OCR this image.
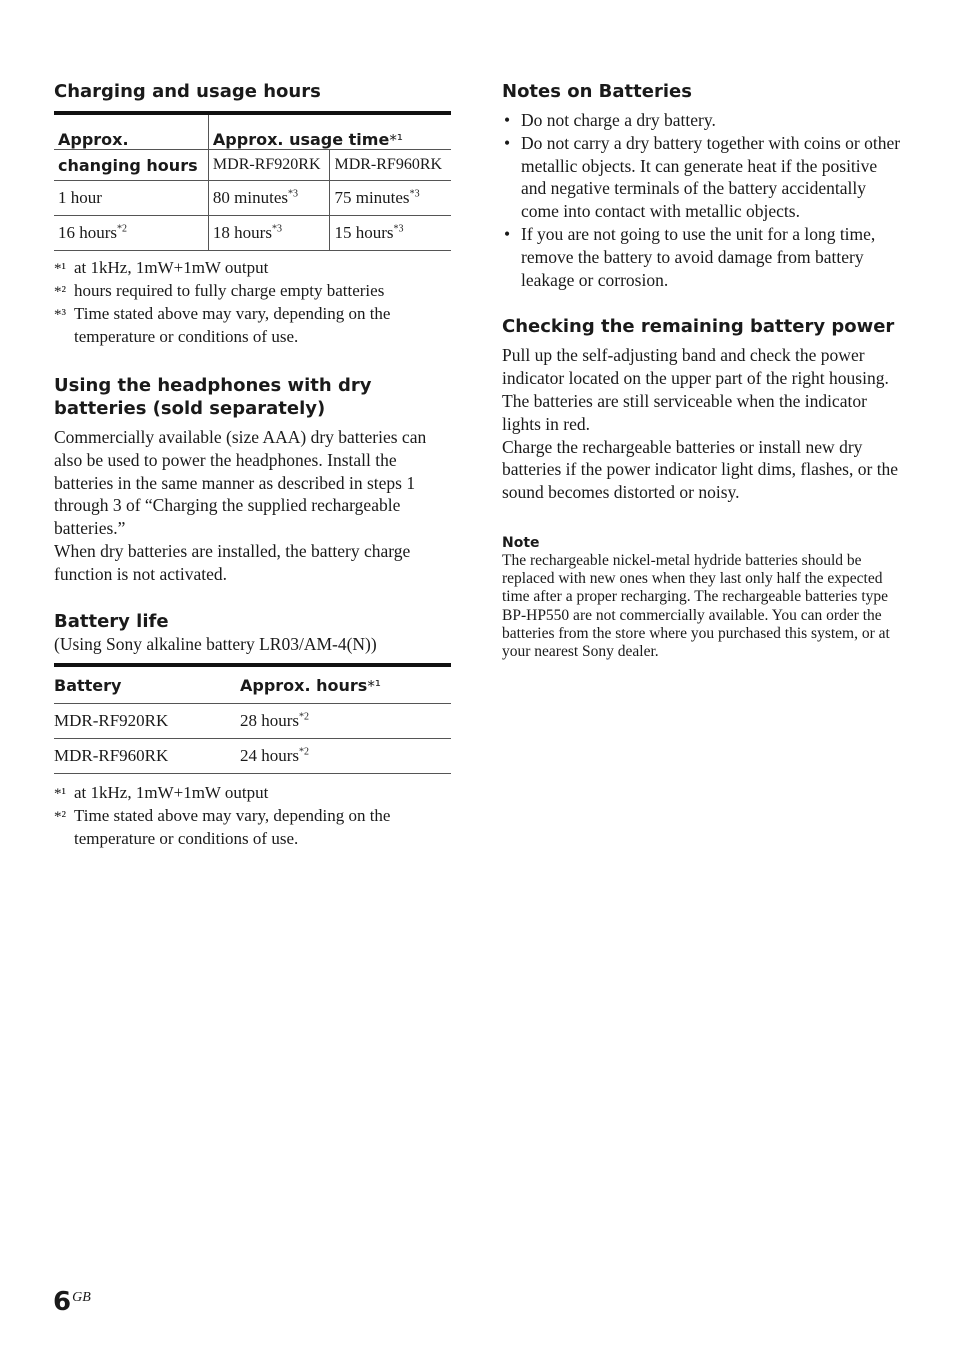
Charging and usage hours
Approx.	Approx. usage time*¹	
changing hours	MDR-RF920RK	MDR-RF960RK
1 hour	80 minutes$^{*3}$	75 minutes$^{*3}$
16 hours$^{*2}$	18 hours$^{*3}$	15 hours$^{*3}$

*¹ at 1kHz, 1mW+1mW output

*² hours required to fully charge empty batteries

*³ Time stated above may vary, depending on the temperature or conditions of use.

Using the headphones with dry batteries (sold separately)

Commercially available (size AAA) dry batteries can also be used to power the headphones. Install the batteries in the same manner as described in steps 1 through 3 of “Charging the supplied rechargeable batteries.”

When dry batteries are installed, the battery charge function is not activated.

Battery life

(Using Sony alkaline battery LR03/AM-4(N))

Battery	Approx. hours*¹
MDR-RF920RK	28 hours$^{*2}$
MDR-RF960RK	24 hours$^{*2}$

*¹ at 1kHz, 1mW+1mW output

*² Time stated above may vary, depending on the temperature or conditions of use.

Notes on Batteries
• Do not charge a dry battery.
• Do not carry a dry battery together with coins or other metallic objects. It can generate heat if the positive and negative terminals of the battery accidentally come into contact with metallic objects.
• If you are not going to use the unit for a long time, remove the battery to avoid damage from battery leakage or corrosion.
Checking the remaining battery power

Pull up the self-adjusting band and check the power indicator located on the upper part of the right housing. The batteries are still serviceable when the indicator lights in red.

Charge the rechargeable batteries or install new dry batteries if the power indicator light dims, flashes, or the sound becomes distorted or noisy.

Note

The rechargeable nickel-metal hydride batteries should be replaced with new ones when they last only half the expected time after a proper recharging. The rechargeable batteries type BP-HP550 are not commercially available. You can order the batteries from the store where you purchased this system, or at your nearest Sony dealer.

$6^{GB}$
